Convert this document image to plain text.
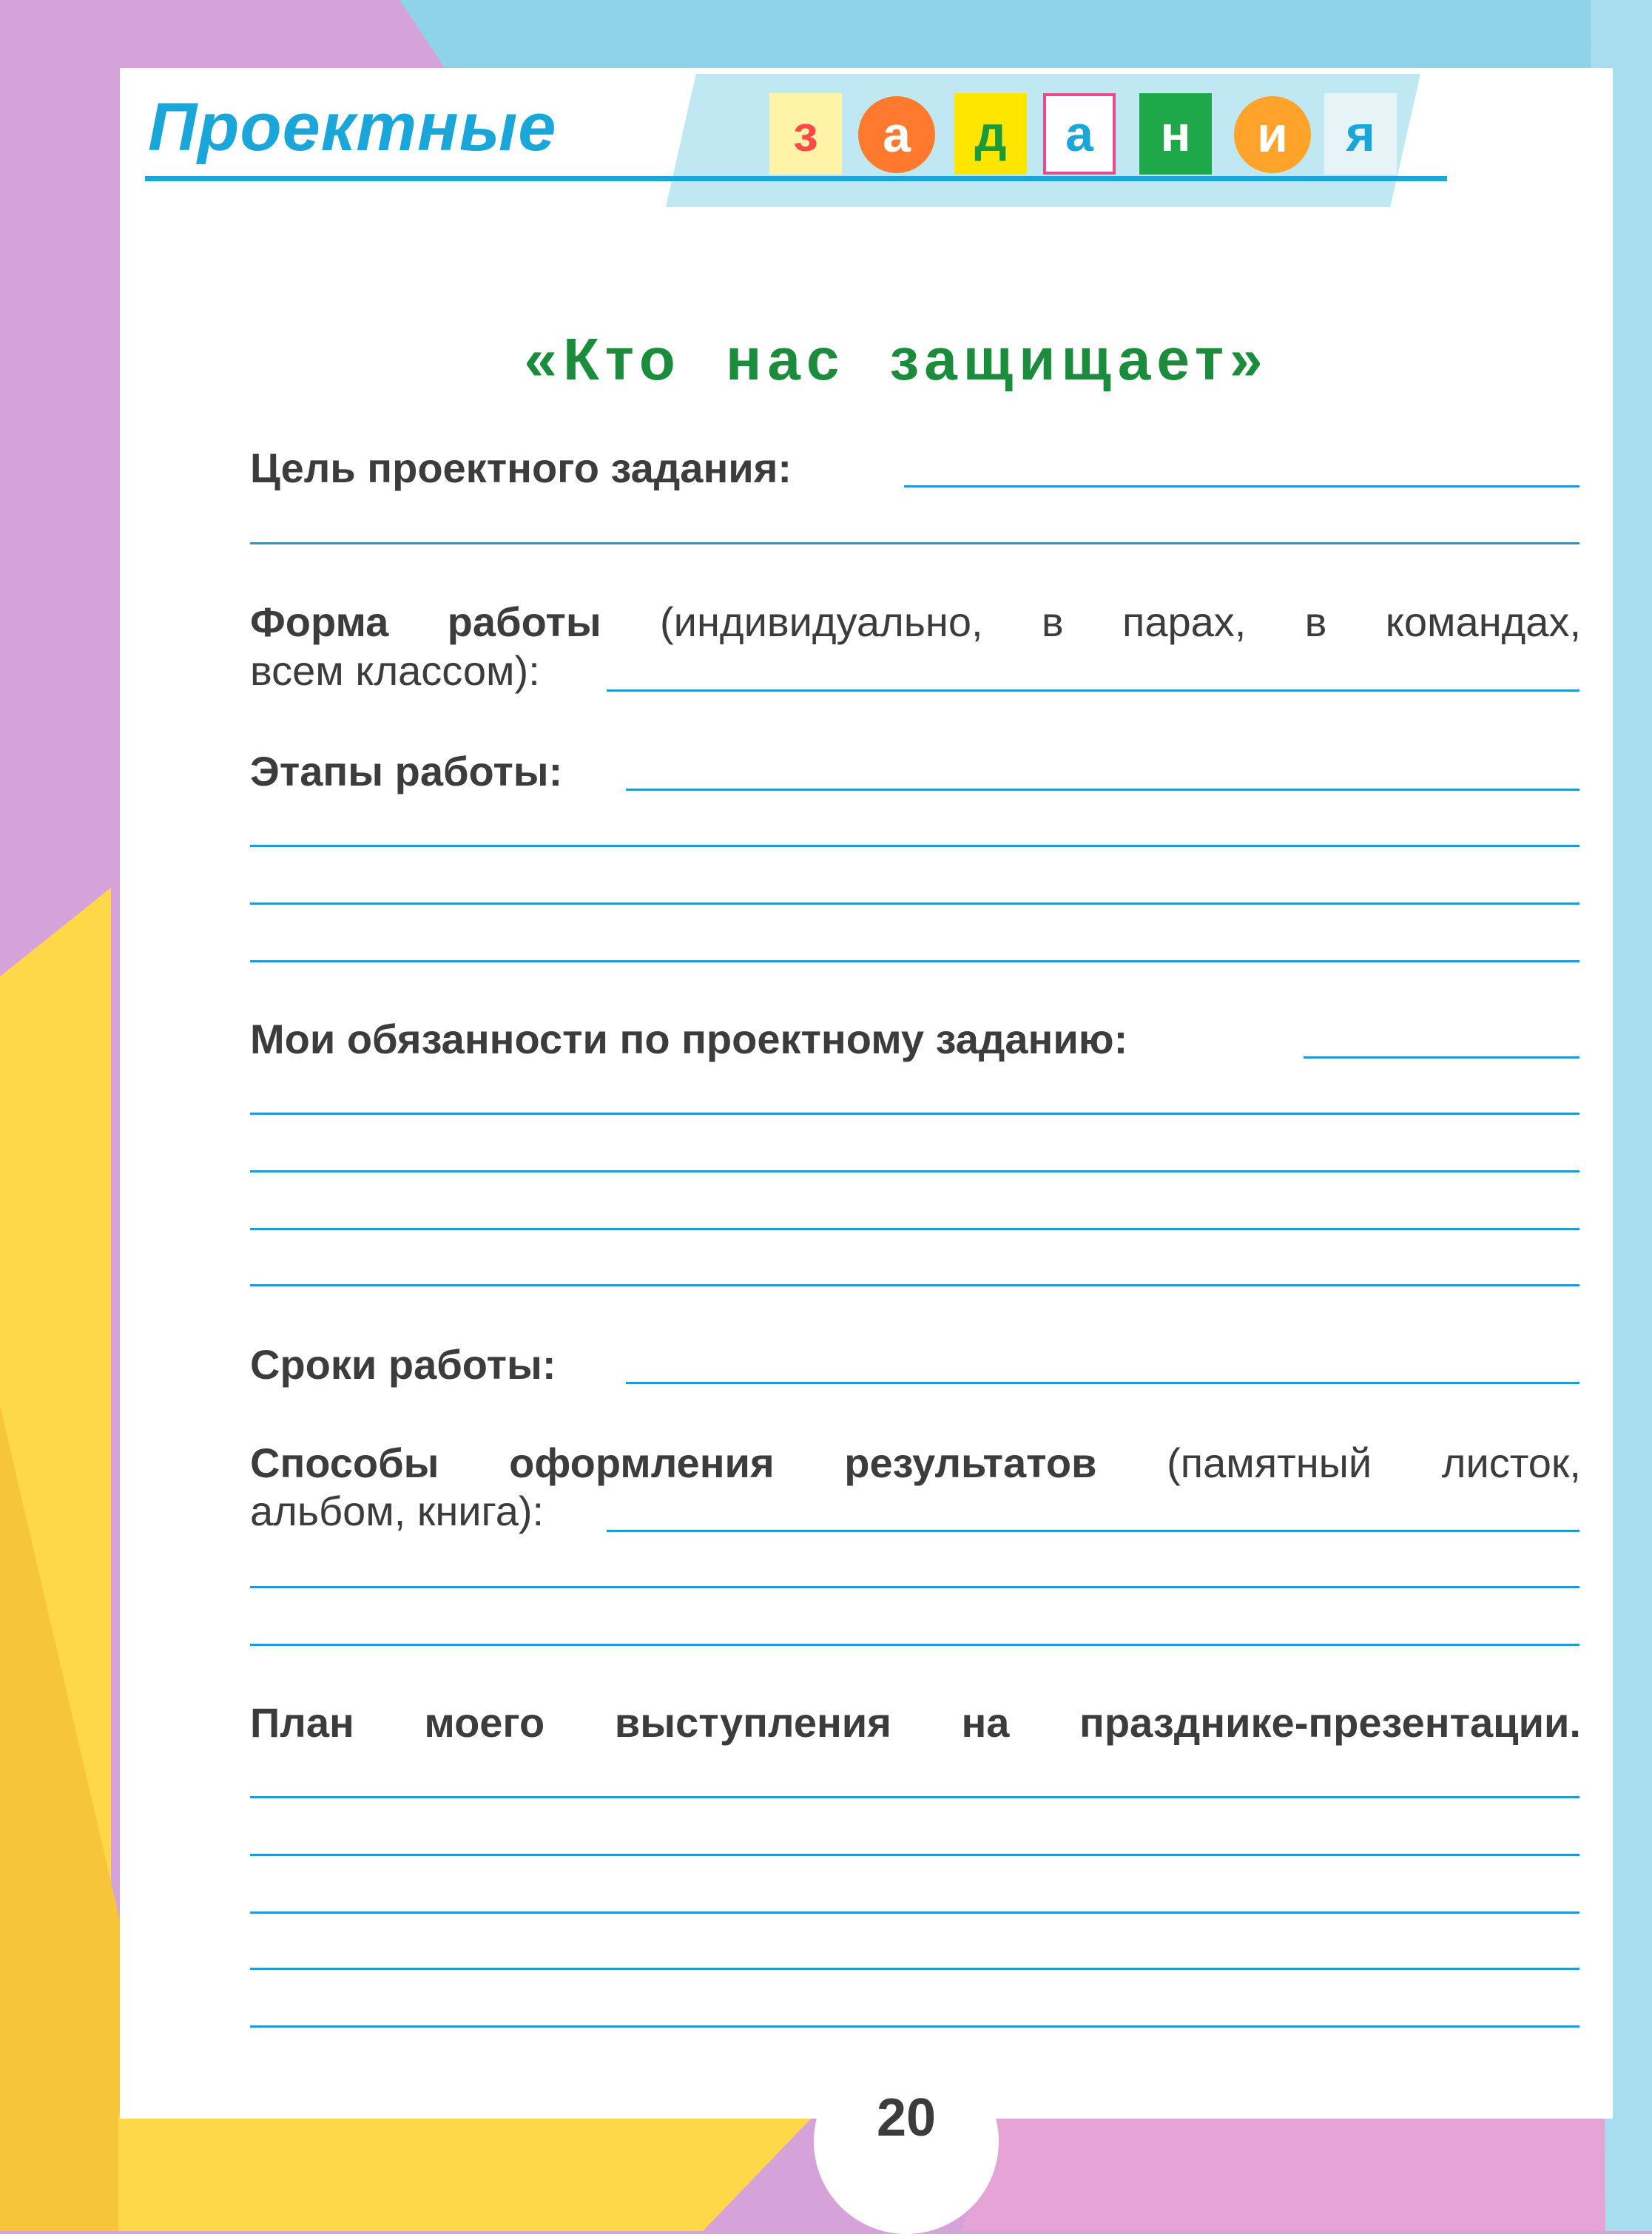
Проектные	з	а	д	а	н	и	я
«Кто нас защищает»
Цель проектного задания:
Форма работы (индивидуально, в парах, в командах,
всем классом):
Этапы работы:
Мои обязанности по проектному заданию:
Сроки работы:
Способы оформления результатов (памятный листок,
альбом, книга):
План моего выступления на празднике-презентации.
20
